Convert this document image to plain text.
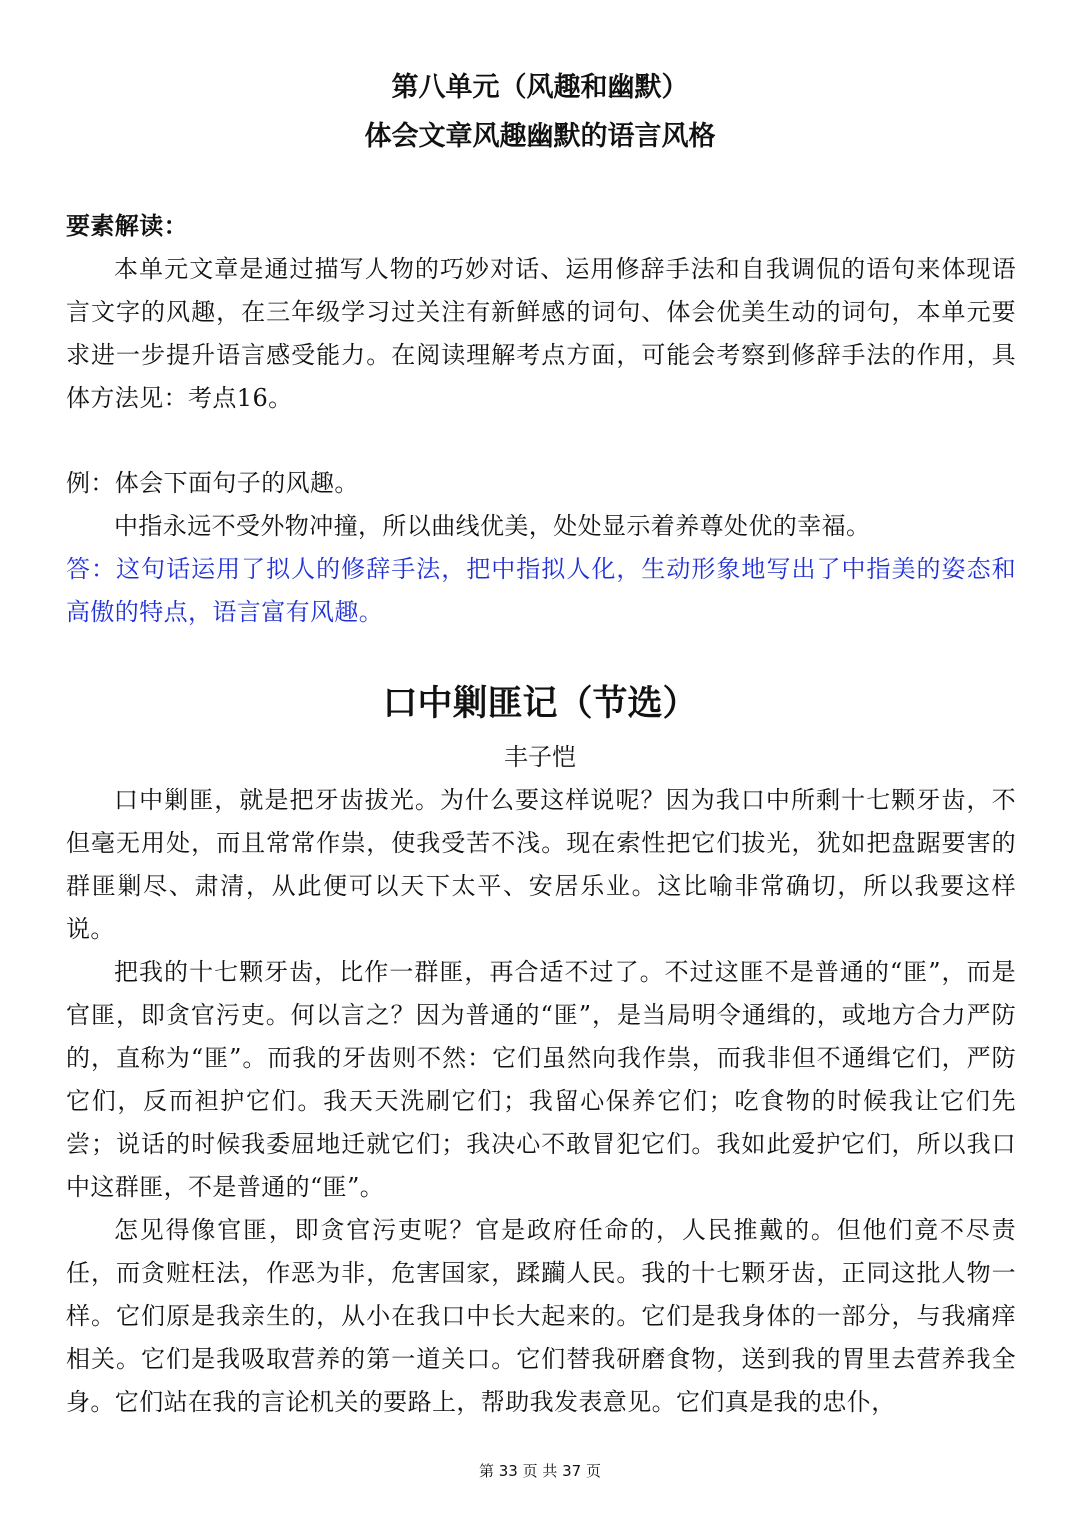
第八单元（风趣和幽默）
体会文章风趣幽默的语言风格

要素解读：

本单元文章是通过描写人物的巧妙对话、运用修辞手法和自我调侃的语句来体现语言文字的风趣，在三年级学习过关注有新鲜感的词句、体会优美生动的词句，本单元要求进一步提升语言感受能力。在阅读理解考点方面，可能会考察到修辞手法的作用，具体方法见：考点16。

例：体会下面句子的风趣。

中指永远不受外物冲撞，所以曲线优美，处处显示着养尊处优的幸福。

答：这句话运用了拟人的修辞手法，把中指拟人化，生动形象地写出了中指美的姿态和高傲的特点，语言富有风趣。

口中剿匪记（节选）

丰子恺

口中剿匪，就是把牙齿拔光。为什么要这样说呢？因为我口中所剩十七颗牙齿，不但毫无用处，而且常常作祟，使我受苦不浅。现在索性把它们拔光，犹如把盘踞要害的群匪剿尽、肃清，从此便可以天下太平、安居乐业。这比喻非常确切，所以我要这样说。

把我的十七颗牙齿，比作一群匪，再合适不过了。不过这匪不是普通的“匪”，而是官匪，即贪官污吏。何以言之？因为普通的“匪”，是当局明令通缉的，或地方合力严防的，直称为“匪”。而我的牙齿则不然：它们虽然向我作祟，而我非但不通缉它们，严防它们，反而袒护它们。我天天洗刷它们；我留心保养它们；吃食物的时候我让它们先尝；说话的时候我委屈地迁就它们；我决心不敢冒犯它们。我如此爱护它们，所以我口中这群匪，不是普通的“匪”。

怎见得像官匪，即贪官污吏呢？官是政府任命的，人民推戴的。但他们竟不尽责任，而贪赃枉法，作恶为非，危害国家，蹂躏人民。我的十七颗牙齿，正同这批人物一样。它们原是我亲生的，从小在我口中长大起来的。它们是我身体的一部分，与我痛痒相关。它们是我吸取营养的第一道关口。它们替我研磨食物，送到我的胃里去营养我全身。它们站在我的言论机关的要路上，帮助我发表意见。它们真是我的忠仆，

第 33 页 共 37 页
